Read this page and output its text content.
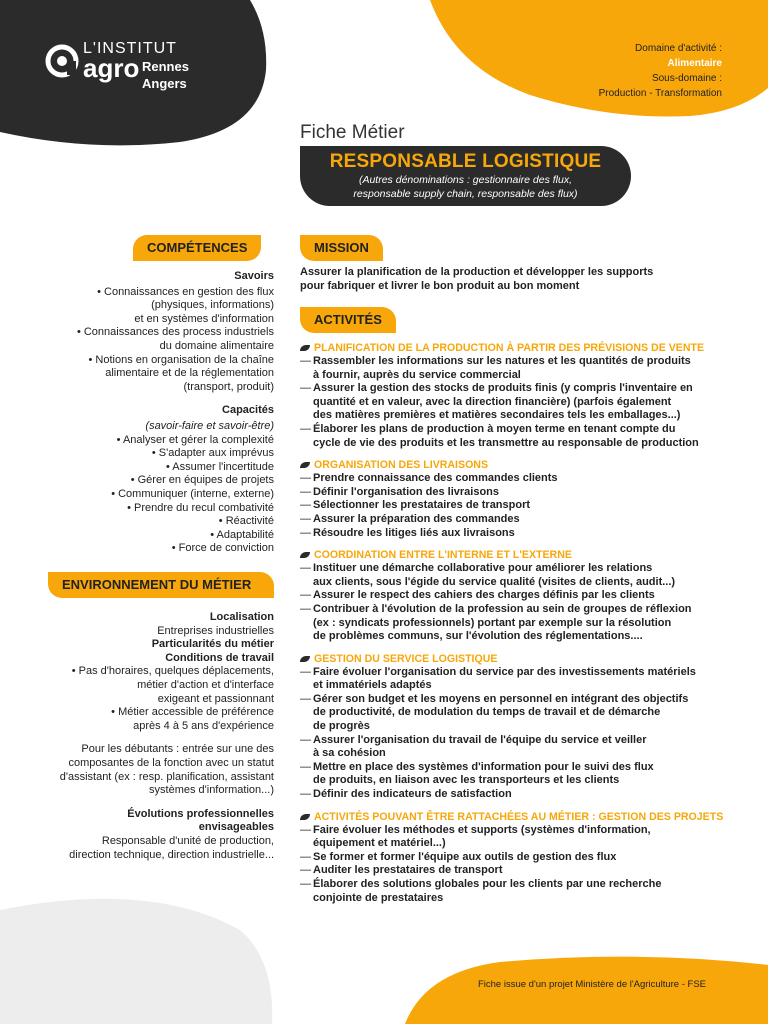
L'INSTITUT
agro Rennes
Angers
Domaine d'activité :
Alimentaire
Sous-domaine :
Production - Transformation
Fiche Métier
RESPONSABLE LOGISTIQUE
(Autres dénominations : gestionnaire des flux,
responsable supply chain, responsable des flux)
COMPÉTENCES

Savoirs

• Connaissances en gestion des flux

(physiques, informations)

et en systèmes d'information

• Connaissances des process industriels

du domaine alimentaire

• Notions en organisation de la chaîne

alimentaire et de la réglementation

(transport, produit)

Capacités

(savoir-faire et savoir-être)

• Analyser et gérer la complexité

• S'adapter aux imprévus

• Assumer l'incertitude

• Gérer en équipes de projets

• Communiquer (interne, externe)

• Prendre du recul combativité

• Réactivité

• Adaptabilité

• Force de conviction

ENVIRONNEMENT DU MÉTIER

Localisation

Entreprises industrielles

Particularités du métier

Conditions de travail

• Pas d'horaires, quelques déplacements,

métier d'action et d'interface

exigeant et passionnant

• Métier accessible de préférence

après 4 à 5 ans d'expérience

Pour les débutants : entrée sur une des

composantes de la fonction avec un statut

d'assistant (ex : resp. planification, assistant

systèmes d'information...)

Évolutions professionnelles

envisageables

Responsable d'unité de production,

direction technique, direction industrielle...

MISSION
Assurer la planification de la production et développer les supports
pour fabriquer et livrer le bon produit au bon moment
ACTIVITÉS
PLANIFICATION DE LA PRODUCTION À PARTIR DES PRÉVISIONS DE VENTE
— Rassembler les informations sur les natures et les quantités de produits
à fournir, auprès du service commercial
— Assurer la gestion des stocks de produits finis (y compris l'inventaire en
quantité et en valeur, avec la direction financière) (parfois également
des matières premières et matières secondaires tels les emballages...)
— Élaborer les plans de production à moyen terme en tenant compte du
cycle de vie des produits et les transmettre au responsable de production
ORGANISATION DES LIVRAISONS
— Prendre connaissance des commandes clients
— Définir l'organisation des livraisons
— Sélectionner les prestataires de transport
— Assurer la préparation des commandes
— Résoudre les litiges liés aux livraisons
COORDINATION ENTRE L'INTERNE ET L'EXTERNE
— Instituer une démarche collaborative pour améliorer les relations
aux clients, sous l'égide du service qualité (visites de clients, audit...)
— Assurer le respect des cahiers des charges définis par les clients
— Contribuer à l'évolution de la profession au sein de groupes de réflexion
(ex : syndicats professionnels) portant par exemple sur la résolution
de problèmes communs, sur l'évolution des réglementations....
GESTION DU SERVICE LOGISTIQUE
— Faire évoluer l'organisation du service par des investissements matériels
et immatériels adaptés
— Gérer son budget et les moyens en personnel en intégrant des objectifs
de productivité, de modulation du temps de travail et de démarche
de progrès
— Assurer l'organisation du travail de l'équipe du service et veiller
à sa cohésion
— Mettre en place des systèmes d'information pour le suivi des flux
de produits, en liaison avec les transporteurs et les clients
— Définir des indicateurs de satisfaction
ACTIVITÉS POUVANT ÊTRE RATTACHÉES AU MÉTIER : GESTION DES PROJETS
— Faire évoluer les méthodes et supports (systèmes d'information,
équipement et matériel...)
— Se former et former l'équipe aux outils de gestion des flux
— Auditer les prestataires de transport
— Élaborer des solutions globales pour les clients par une recherche
conjointe de prestataires
Fiche issue d'un projet Ministère de l'Agriculture - FSE
